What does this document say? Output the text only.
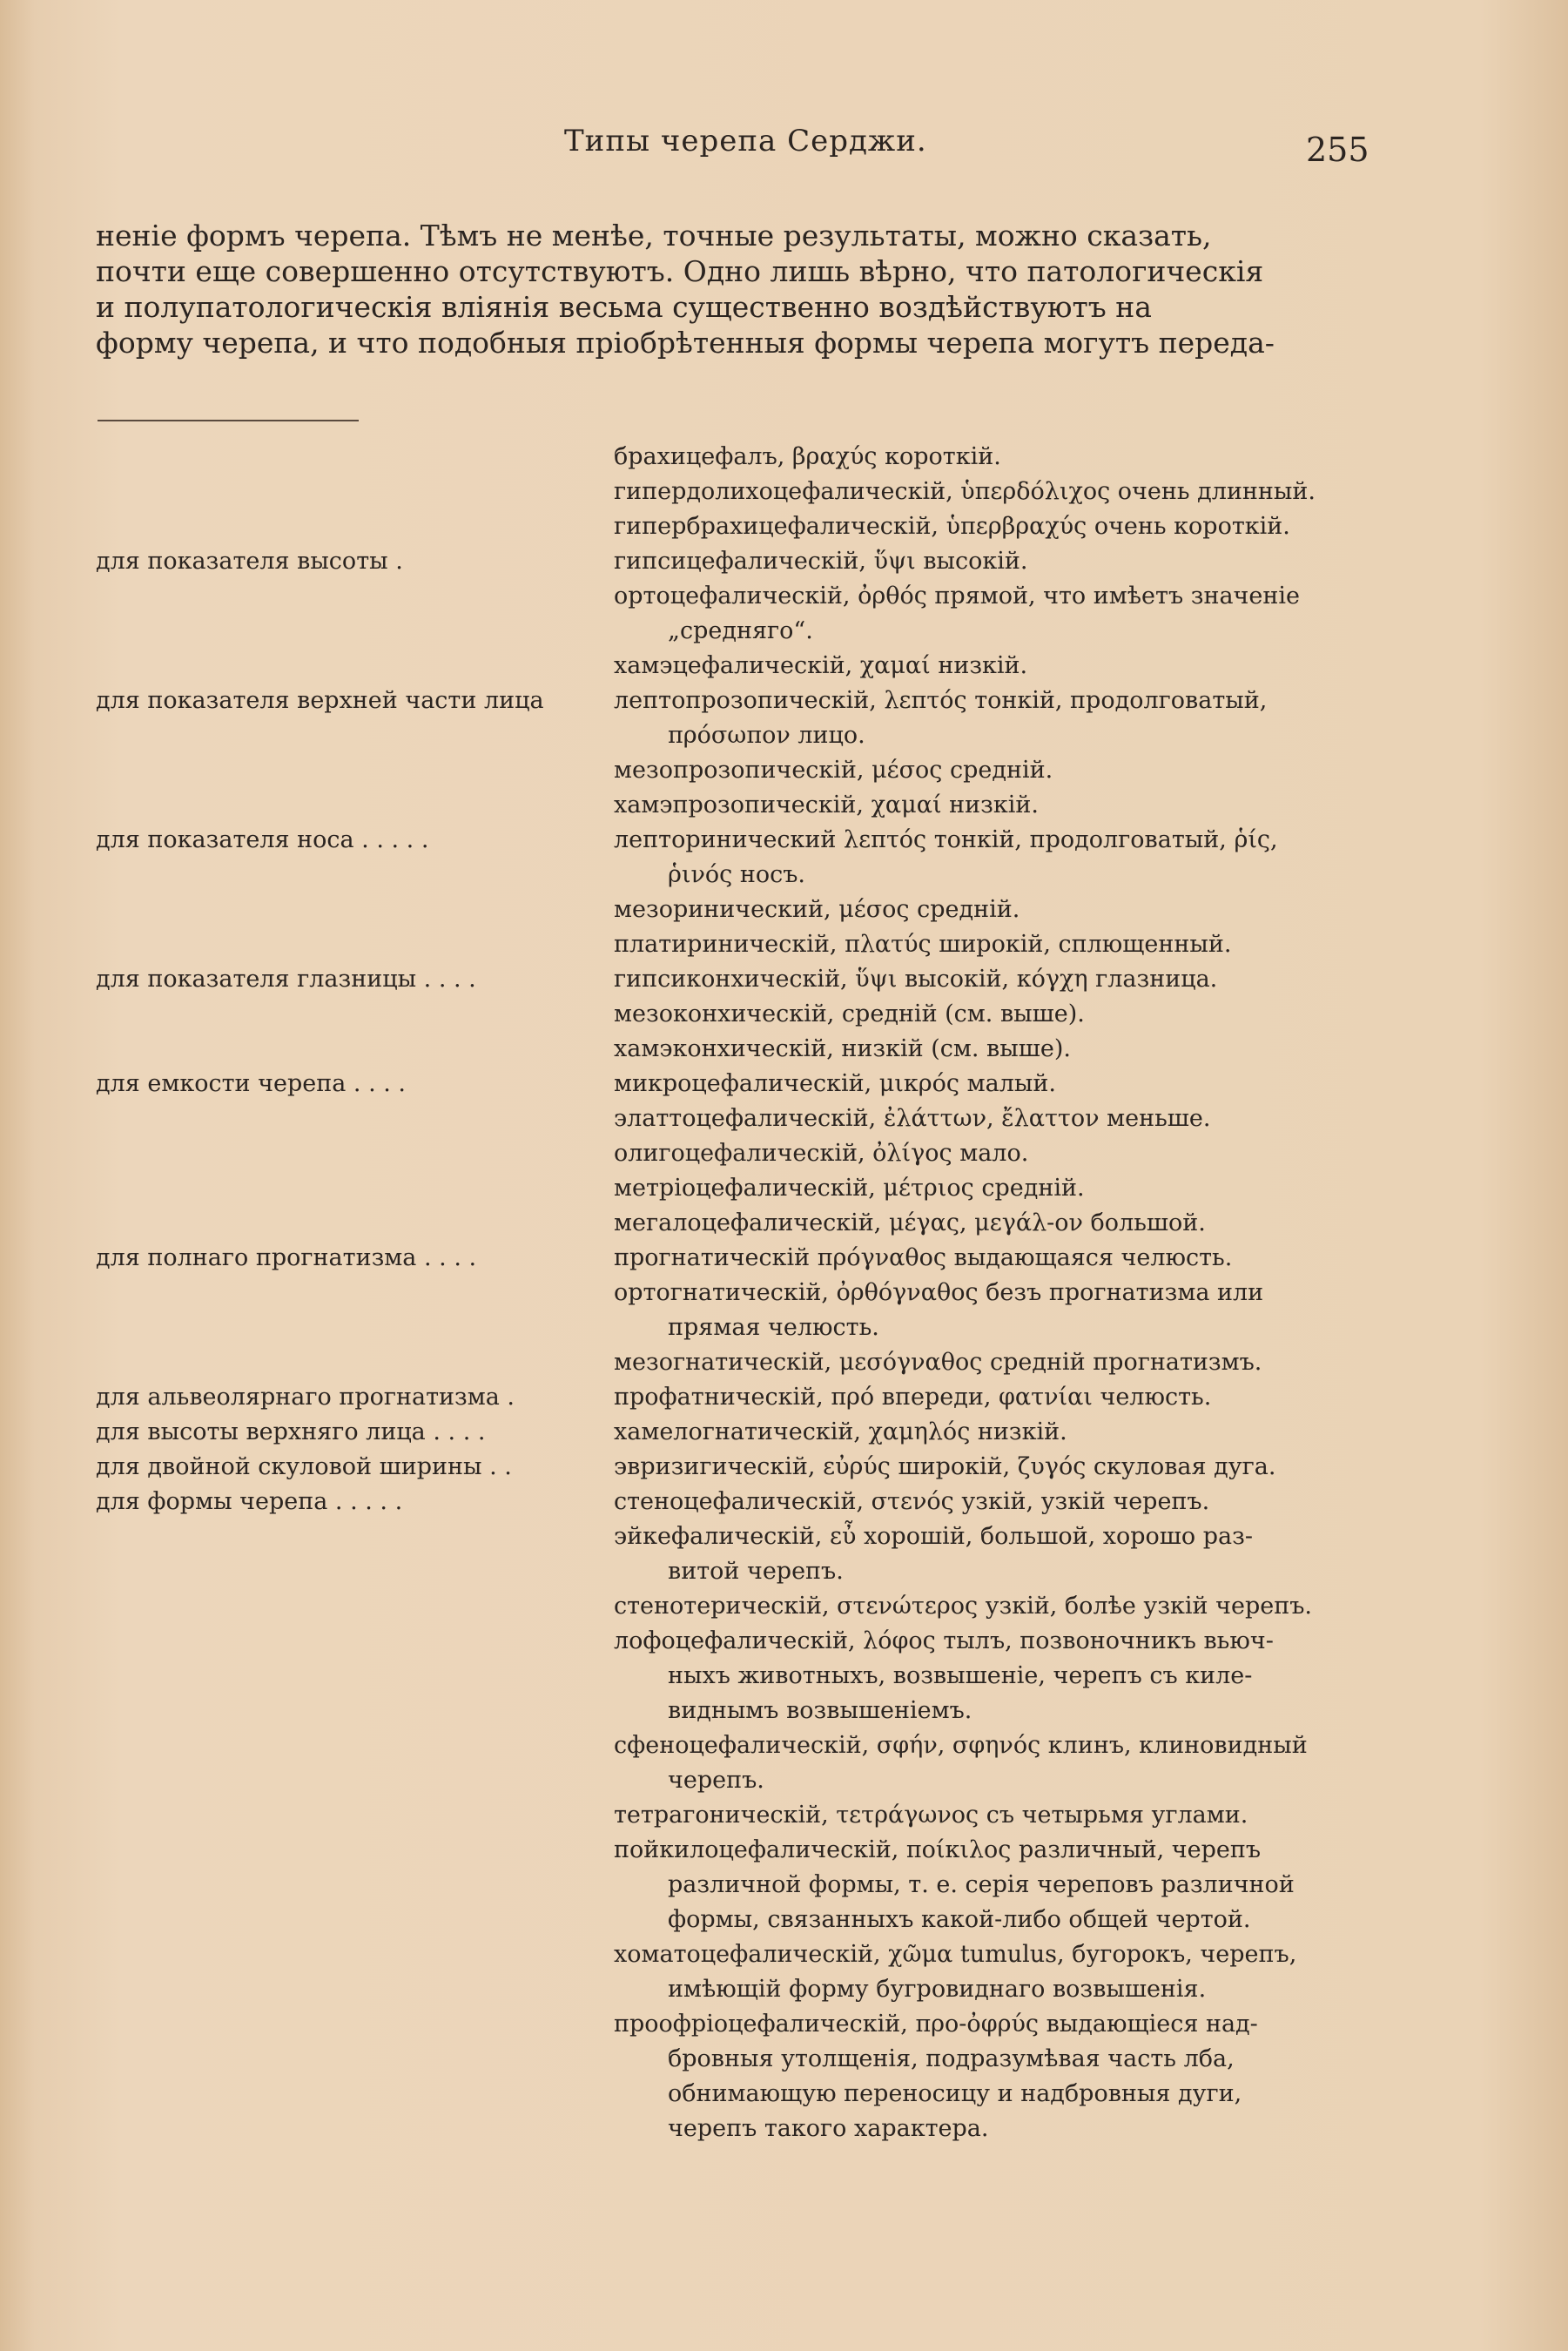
Типы черепа Серджи.	255

неніе формъ черепа. Тѣмъ не менѣе, точные результаты, можно сказать,

почти еще совершенно отсутствуютъ. Одно лишь вѣрно, что патологическія

и полупатологическія вліянія весьма существенно воздѣйствуютъ на

форму черепа, и что подобныя пріобрѣтенныя формы черепа могутъ переда-

брахицефалъ, βραχύς короткій.
гипердолихоцефалическій, ὑπερδόλιχος очень длинный.
гипербрахицефалическій, ὑπερβραχύς очень короткій.
для показателя высоты .	гипсицефалическій, ὕψι высокій.
ортоцефалическій, ὀρθός прямой, что имѣетъ значеніе
„средняго“.
хамэцефалическій, χαμαί низкій.
для показателя верхней части лица	лептопрозопическій, λεπτός тонкій, продолговатый,
πρόσωπον лицо.
мезопрозопическій, μέσος средній.
хамэпрозопическій, χαμαί низкій.
для показателя носа . . . . .	лепторинический λεπτός тонкій, продолговатый, ῥίς,
ῥινός носъ.
мезоринический, μέσος средній.
платириническій, πλατύς широкій, сплющенный.
для показателя глазницы . . . .	гипсиконхическій, ὕψι высокій, κόγχη глазница.
мезоконхическій, средній (см. выше).
хамэконхическій, низкій (см. выше).
для емкости черепа . . . .	микроцефалическій, μικρός малый.
элаттоцефалическій, ἐλάττων, ἔλαττον меньше.
олигоцефалическій, ὀλίγος мало.
метріоцефалическій, μέτριος средній.
мегалоцефалическій, μέγας, μεγάλ-ον большой.
для полнаго прогнатизма . . . .	прогнатическій πρόγναθος выдающаяся челюсть.
ортогнатическій, ὀρθόγναθος безъ прогнатизма или
прямая челюсть.
мезогнатическій, μεσόγναθος средній прогнатизмъ.
для альвеолярнаго прогнатизма .	профатническій, πρό впереди, φατνίαι челюсть.
для высоты верхняго лица . . . .	хамелогнатическій, χαμηλός низкій.
для двойной скуловой ширины . .	эвризигическій, εὐρύς широкій, ζυγός скуловая дуга.
для формы черепа . . . . .	стеноцефалическій, στενός узкій, узкій черепъ.
эйкефалическій, εὖ хорошій, большой, хорошо раз-
витой черепъ.
стенотерическій, στενώτερος узкій, болѣе узкій черепъ.
лофоцефалическій, λόφος тылъ, позвоночникъ вьюч-
ныхъ животныхъ, возвышеніе, черепъ съ киле-
виднымъ возвышеніемъ.
сфеноцефалическій, σφήν, σφηνός клинъ, клиновидный
черепъ.
тетрагоническій, τετράγωνος съ четырьмя углами.
пойкилоцефалическій, ποίκιλος различный, черепъ
различной формы, т. е. серія череповъ различной
формы, связанныхъ какой-либо общей чертой.
хоматоцефалическій, χῶμα tumulus, бугорокъ, черепъ,
имѣющій форму бугровиднаго возвышенія.
проофріоцефалическій, προ-ὀφρύς выдающіеся над-
бровныя утолщенія, подразумѣвая часть лба,
обнимающую переносицу и надбровныя дуги,
черепъ такого характера.
